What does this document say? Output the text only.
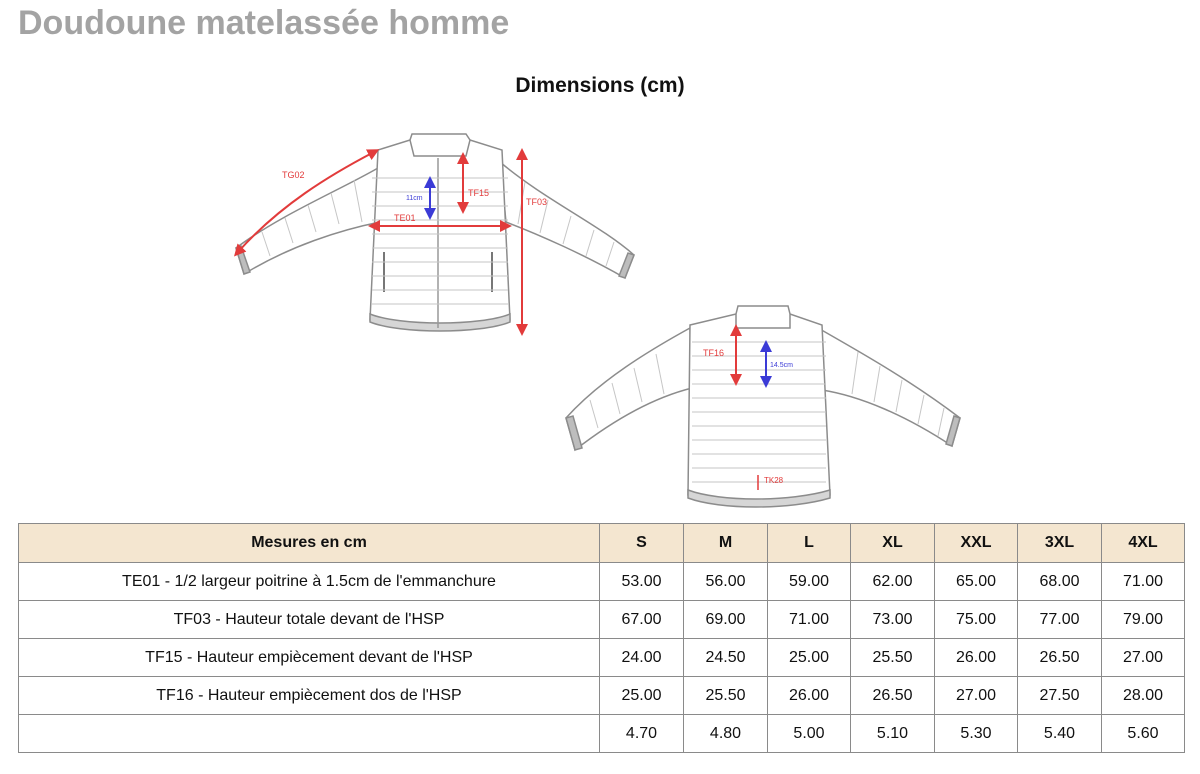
Doudoune matelassée homme
Dimensions (cm)
TG02
TF15
TF03
TE01
11cm
TF16
14.5cm
TK28
Mesures en cm	S	M	L	XL	XXL	3XL	4XL
TE01 - 1/2 largeur poitrine à 1.5cm de l'emmanchure	53.00	56.00	59.00	62.00	65.00	68.00	71.00
TF03 - Hauteur totale devant de l'HSP	67.00	69.00	71.00	73.00	75.00	77.00	79.00
TF15 - Hauteur empiècement devant de l'HSP	24.00	24.50	25.00	25.50	26.00	26.50	27.00
TF16 - Hauteur empiècement dos de l'HSP	25.00	25.50	26.00	26.50	27.00	27.50	28.00
	4.70	4.80	5.00	5.10	5.30	5.40	5.60
